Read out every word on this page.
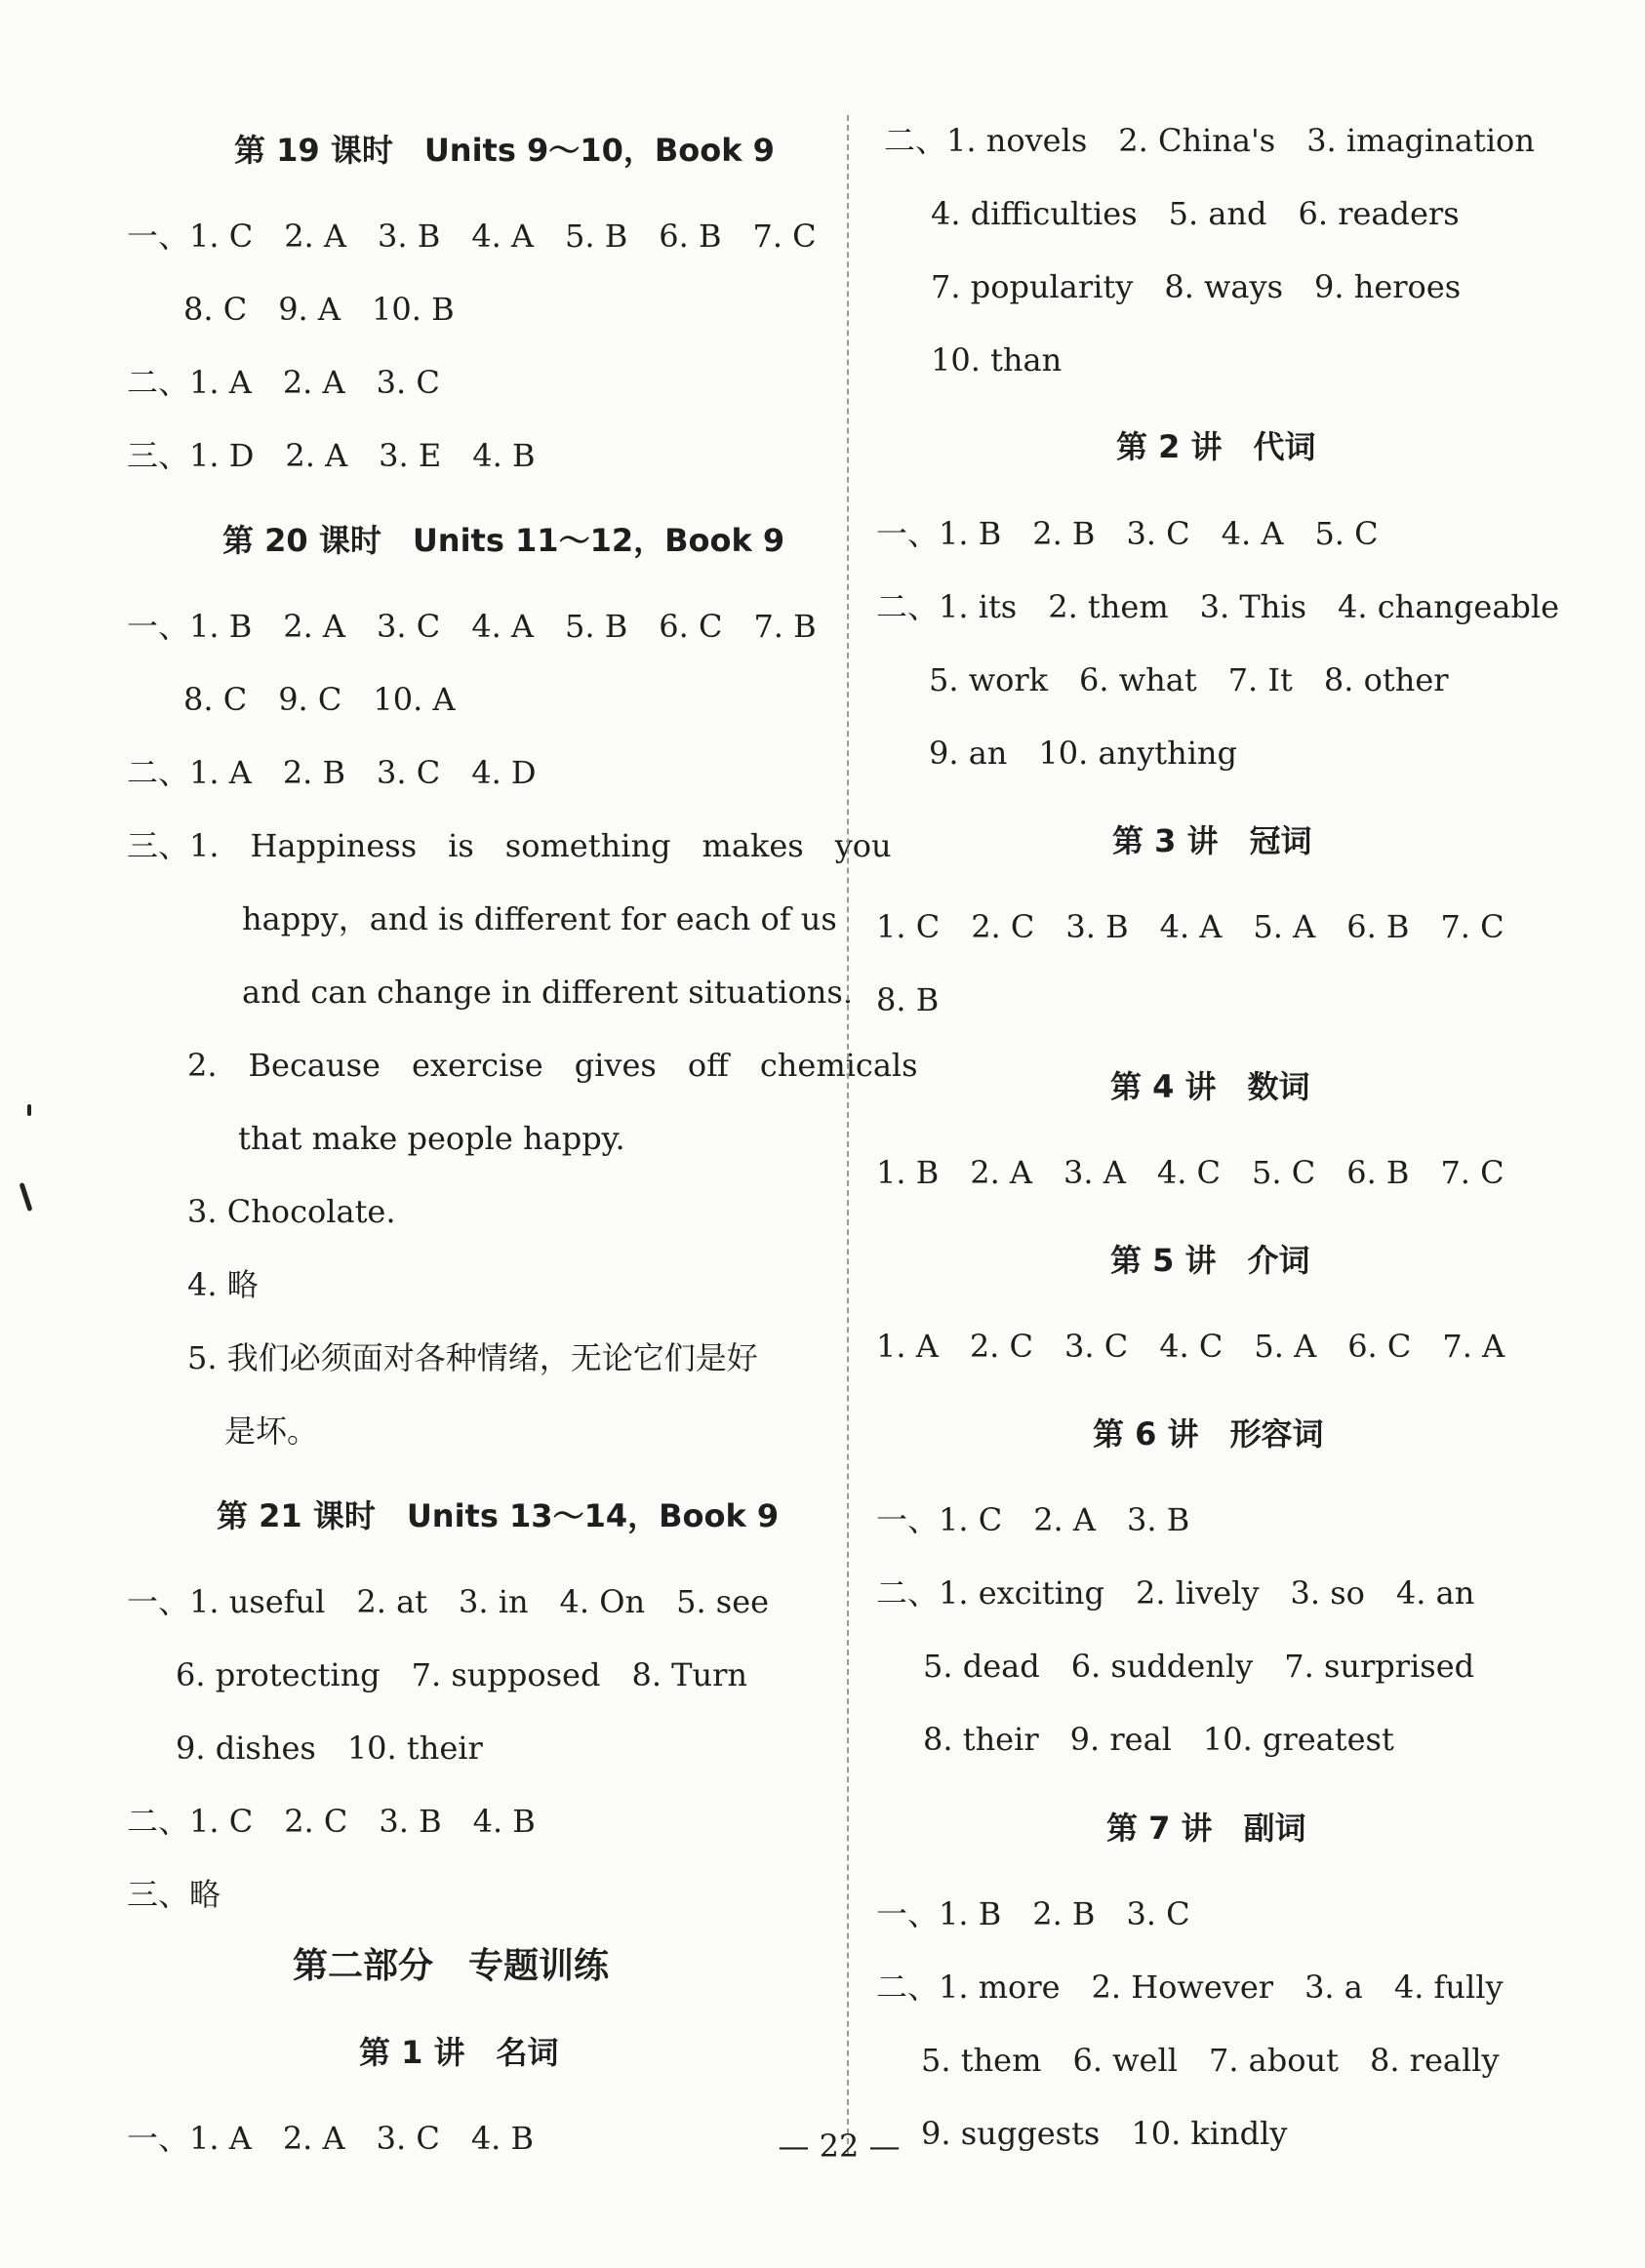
第 19 课时　Units 9～10，Book 9
一、1. C　2. A　3. B　4. A　5. B　6. B　7. C
8. C　9. A　10. B
二、1. A　2. A　3. C
三、1. D　2. A　3. E　4. B
第 20 课时　Units 11～12，Book 9
一、1. B　2. A　3. C　4. A　5. B　6. C　7. B
8. C　9. C　10. A
二、1. A　2. B　3. C　4. D
三、1.　Happiness　is　something　makes　you
happy，and is different for each of us
and can change in different situations.
2.　Because　exercise　gives　off　chemicals
that make people happy.
3. Chocolate.
4. 略
5. 我们必须面对各种情绪，无论它们是好
是坏。
第 21 课时　Units 13～14，Book 9
一、1. useful　2. at　3. in　4. On　5. see
6. protecting　7. supposed　8. Turn
9. dishes　10. their
二、1. C　2. C　3. B　4. B
三、略
第二部分　专题训练
第 1 讲　名词
一、1. A　2. A　3. C　4. B
二、1. novels　2. China's　3. imagination
4. difficulties　5. and　6. readers
7. popularity　8. ways　9. heroes
10. than
第 2 讲　代词
一、1. B　2. B　3. C　4. A　5. C
二、1. its　2. them　3. This　4. changeable
5. work　6. what　7. It　8. other
9. an　10. anything
第 3 讲　冠词
1. C　2. C　3. B　4. A　5. A　6. B　7. C
8. B
第 4 讲　数词
1. B　2. A　3. A　4. C　5. C　6. B　7. C
第 5 讲　介词
1. A　2. C　3. C　4. C　5. A　6. C　7. A
第 6 讲　形容词
一、1. C　2. A　3. B
二、1. exciting　2. lively　3. so　4. an
5. dead　6. suddenly　7. surprised
8. their　9. real　10. greatest
第 7 讲　副词
一、1. B　2. B　3. C
二、1. more　2. However　3. a　4. fully
5. them　6. well　7. about　8. really
9. suggests　10. kindly
— 22 —
